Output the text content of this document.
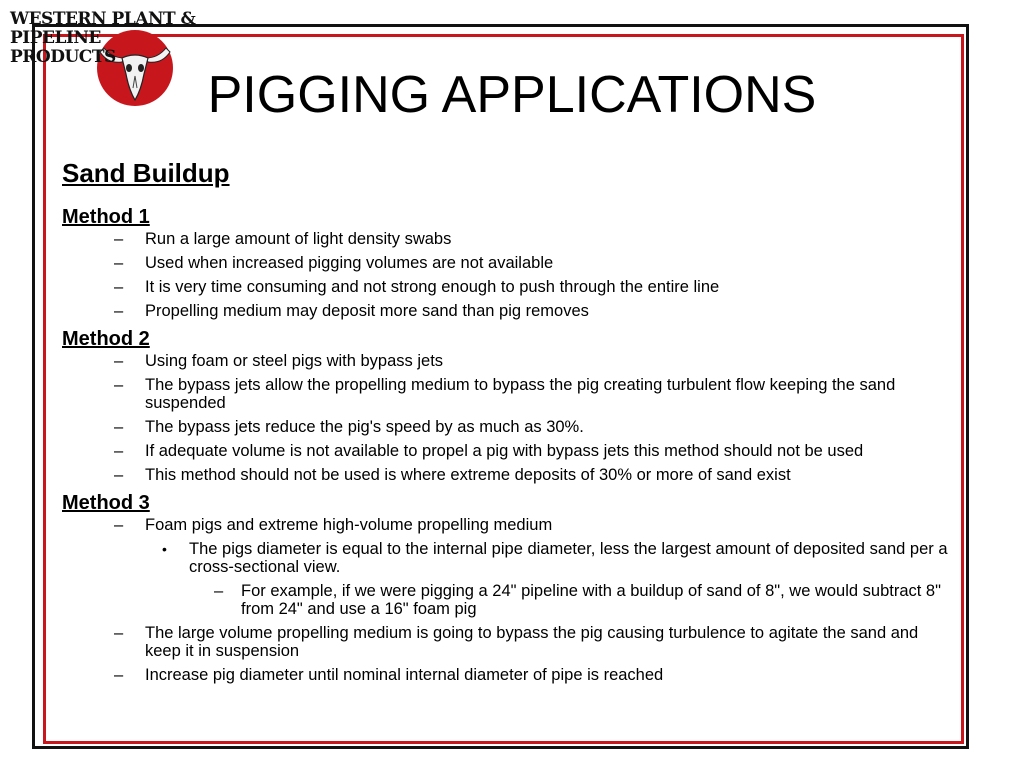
WESTERN PLANT &
PIPELINE
PRODUCTS
PIGGING APPLICATIONS
Sand Buildup
Method 1
– Run a large amount of light density swabs
– Used when increased pigging volumes are not available
– It is very time consuming and not strong enough to push through the entire line
– Propelling medium may deposit more sand than pig removes
Method 2
– Using foam or steel pigs with bypass jets
– The bypass jets allow the propelling medium to bypass the pig creating turbulent flow keeping the sand suspended
– The bypass jets reduce the pig's speed by as much as 30%.
– If adequate volume is not available to propel a pig with bypass jets this method should not be used
– This method should not be used is where extreme deposits of 30% or more of sand exist
Method 3
– Foam pigs and extreme high-volume propelling medium
• The pigs diameter is equal to the internal pipe diameter, less the largest amount of deposited sand per a cross-sectional view.
– For example, if we were pigging a 24" pipeline with a buildup of sand of 8", we would subtract 8" from 24" and use a 16" foam pig
– The large volume propelling medium is going to bypass the pig causing turbulence to agitate the sand and keep it in suspension
– Increase pig diameter until nominal internal diameter of pipe is reached
